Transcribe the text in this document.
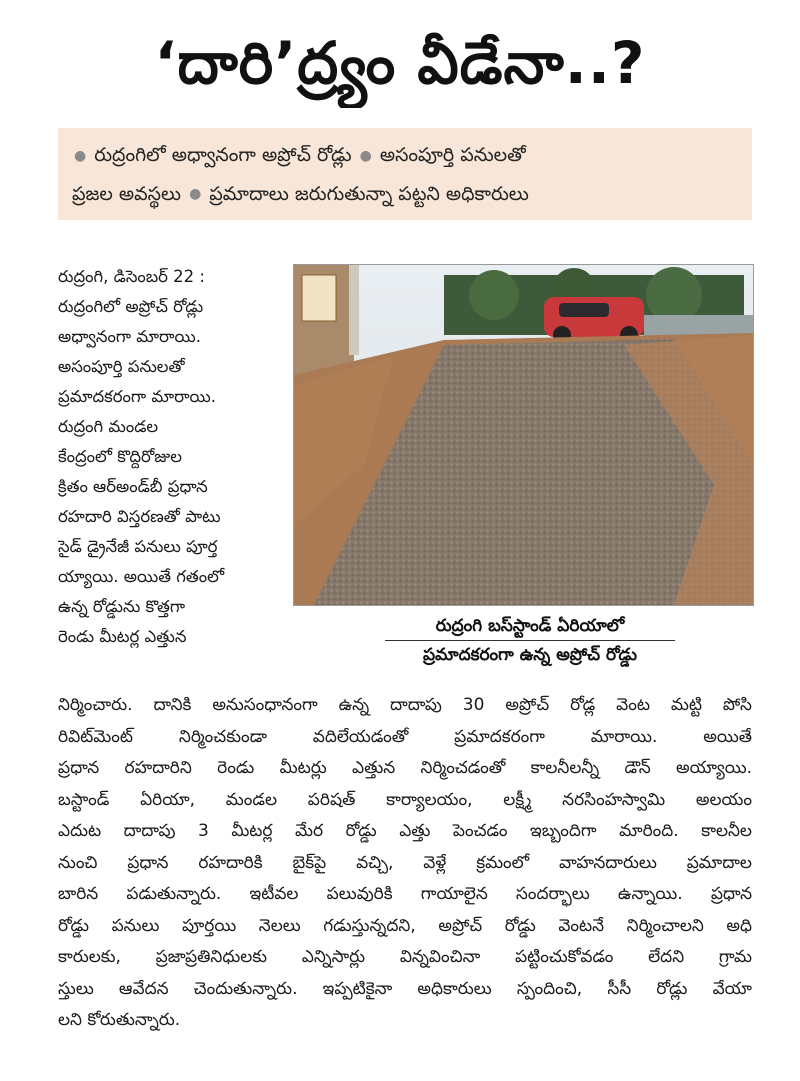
‘దారి’ద్ర్యం వీడేనా..?
● రుద్రంగిలో అధ్వానంగా అప్రోచ్‌ రోడ్లు ● అసంపూర్తి పనులతో
ప్రజల అవస్థలు ● ప్రమాదాలు జరుగుతున్నా పట్టని అధికారులు
రుద్రంగి, డిసెంబర్‌ 22 :
రుద్రంగిలో అప్రోచ్‌ రోడ్లు
అధ్వానంగా మారాయి.
అసంపూర్తి పనులతో
ప్రమాదకరంగా మారాయి.
రుద్రంగి మండల
కేంద్రంలో కొద్దిరోజుల
క్రితం ఆర్‌అండ్‌బీ ప్రధాన
రహదారి విస్తరణతో పాటు
సైడ్‌ డ్రైనేజీ పనులు పూర్త
య్యాయి. అయితే గతంలో
ఉన్న రోడ్డును కొత్తగా
రెండు మీటర్ల ఎత్తున
రుద్రంగి బస్‌స్టాండ్‌ ఏరియాలో
ప్రమాదకరంగా ఉన్న అప్రోచ్‌ రోడ్డు
నిర్మించారు. దానికి అనుసంధానంగా ఉన్న దాదాపు 30 అప్రోచ్‌ రోడ్ల వెంట మట్టి పోసి
రివిట్‌మెంట్‌ నిర్మించకుండా వదిలేయడంతో ప్రమాదకరంగా మారాయి. అయితే
ప్రధాన రహదారిని రెండు మీటర్లు ఎత్తున నిర్మించడంతో కాలనీలన్నీ డౌన్‌ అయ్యాయి.
బస్టాండ్‌ ఏరియా, మండల పరిషత్‌ కార్యాలయం, లక్ష్మీ నరసింహస్వామి అలయం
ఎదుట దాదాపు 3 మీటర్ల మేర రోడ్డు ఎత్తు పెంచడం ఇబ్బందిగా మారింది. కాలనీల
నుంచి ప్రధాన రహదారికి బైక్‌పై వచ్చి, వెళ్లే క్రమంలో వాహనదారులు ప్రమాదాల
బారిన పడుతున్నారు. ఇటీవల పలువురికి గాయాలైన సందర్భాలు ఉన్నాయి. ప్రధాన
రోడ్డు పనులు పూర్తయి నెలలు గడుస్తున్నదని, అప్రోచ్‌ రోడ్డు వెంటనే నిర్మించాలని అధి
కారులకు, ప్రజాప్రతినిధులకు ఎన్నిసార్లు విన్నవించినా పట్టించుకోవడం లేదని గ్రామ
స్తులు ఆవేదన చెందుతున్నారు. ఇప్పటికైనా అధికారులు స్పందించి, సీసీ రోడ్లు వేయా
లని కోరుతున్నారు.
